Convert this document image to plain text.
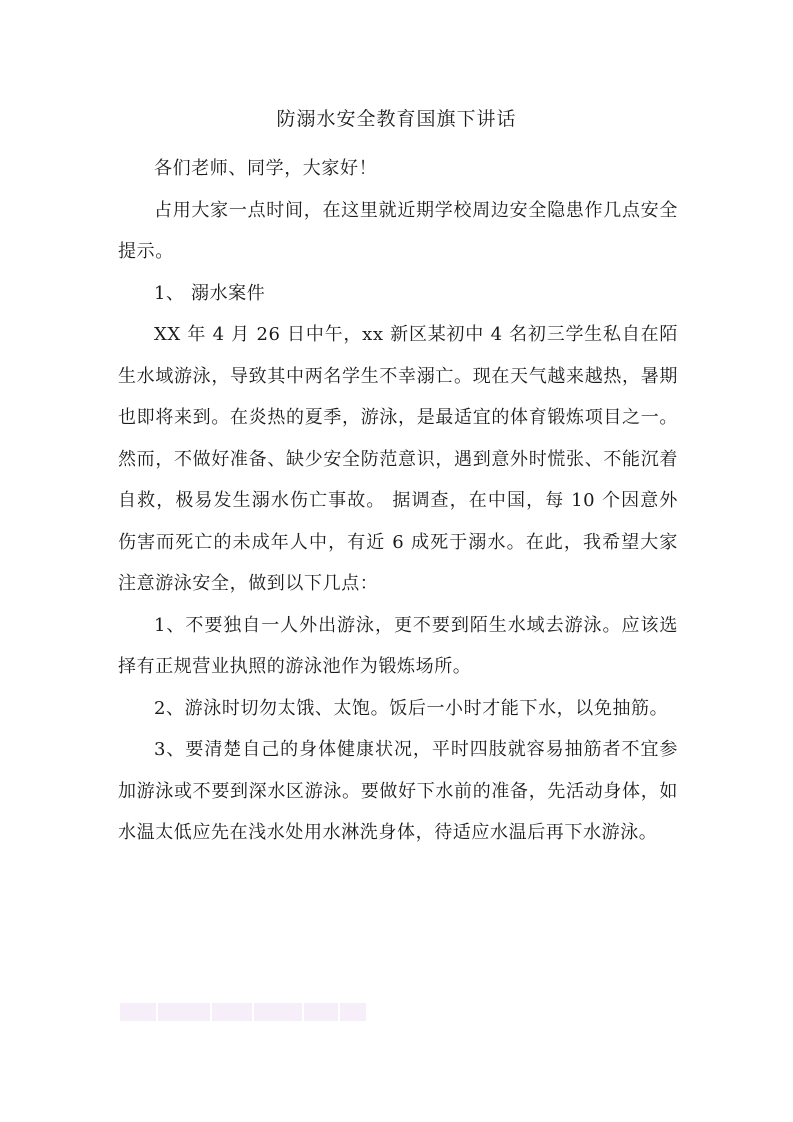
防溺水安全教育国旗下讲话

各们老师、同学，大家好！

占用大家一点时间，在这里就近期学校周边安全隐患作几点安全提示。

1、 溺水案件

XX 年 4 月 26 日中午，xx 新区某初中 4 名初三学生私自在陌生水域游泳，导致其中两名学生不幸溺亡。现在天气越来越热，暑期也即将来到。在炎热的夏季，游泳，是最适宜的体育锻炼项目之一。然而，不做好准备、缺少安全防范意识，遇到意外时慌张、不能沉着自救，极易发生溺水伤亡事故。 据调查，在中国，每 10 个因意外伤害而死亡的未成年人中，有近 6 成死于溺水。在此，我希望大家注意游泳安全，做到以下几点：

1、不要独自一人外出游泳，更不要到陌生水域去游泳。应该选择有正规营业执照的游泳池作为锻炼场所。

2、游泳时切勿太饿、太饱。饭后一小时才能下水，以免抽筋。

3、要清楚自己的身体健康状况，平时四肢就容易抽筋者不宜参加游泳或不要到深水区游泳。要做好下水前的准备，先活动身体，如水温太低应先在浅水处用水淋洗身体，待适应水温后再下水游泳。
